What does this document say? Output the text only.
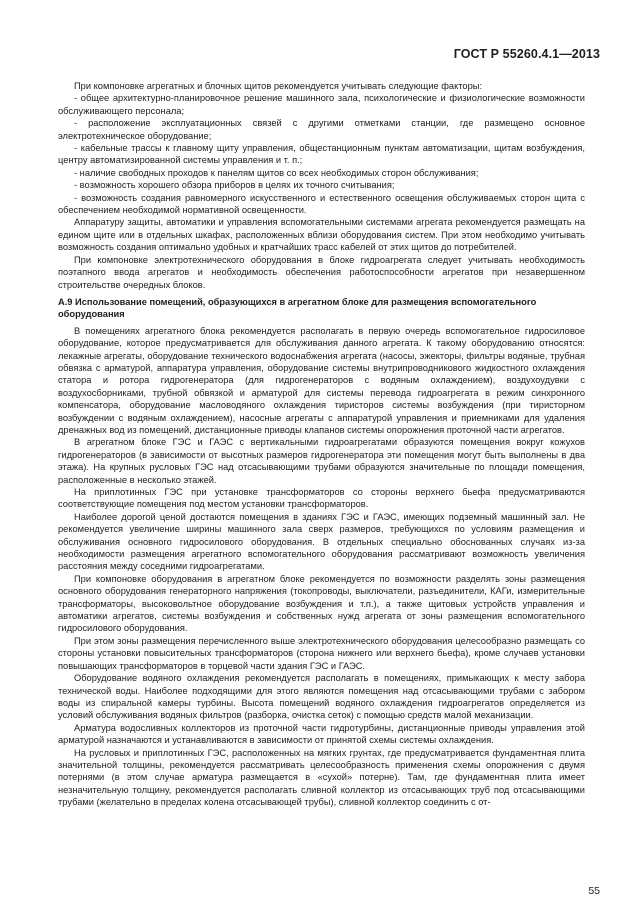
ГОСТ Р 55260.4.1—2013

При компоновке агрегатных и блочных щитов рекомендуется учитывать следующие факторы:

- общее архитектурно-планировочное решение машинного зала, психологические и физиологические возможности обслуживающего персонала;

- расположение эксплуатационных связей с другими отметками станции, где размещено основное электротехническое оборудование;

- кабельные трассы к главному щиту управления, общестанционным пунктам автоматизации, щитам возбуждения, центру автоматизированной системы управления и т. п.;

- наличие свободных проходов к панелям щитов со всех необходимых сторон обслуживания;

- возможность хорошего обзора приборов в целях их точного считывания;

- возможность создания равномерного искусственного и естественного освещения обслуживаемых сторон щита с обеспечением необходимой нормативной освещенности.

Аппаратуру защиты, автоматики и управления вспомогательными системами агрегата рекомендуется размещать на едином щите или в отдельных шкафах, расположенных вблизи оборудования систем. При этом необходимо учитывать возможность создания оптимально удобных и кратчайших трасс кабелей от этих щитов до потребителей.

При компоновке электротехнического оборудования в блоке гидроагрегата следует учитывать необходимость поэтапного ввода агрегатов и необходимость обеспечения работоспособности агрегатов при незавершенном строительстве очередных блоков.

А.9 Использование помещений, образующихся в агрегатном блоке для размещения вспомогательного оборудования

В помещениях агрегатного блока рекомендуется располагать в первую очередь вспомогательное гидросиловое оборудование, которое предусматривается для обслуживания данного агрегата. К такому оборудованию относятся: лекажные агрегаты, оборудование технического водоснабжения агрегата (насосы, эжекторы, фильтры водяные, трубная обвязка с арматурой, аппаратура управления, оборудование системы внутрипроводникового жидкостного охлаждения статора и ротора гидрогенератора (для гидрогенераторов с водяным охлаждением), воздухоудувки с воздухосборниками, трубной обвязкой и арматурой для системы перевода гидроагрегата в режим синхронного компенсатора, оборудование масловодяного охлаждения тиристоров системы возбуждения (при тиристорном возбуждении с водяным охлаждением), насосные агрегаты с аппаратурой управления и приемниками для удаления дренажных вод из помещений, дистанционные приводы клапанов системы опорожнения проточной части агрегатов.

В агрегатном блоке ГЭС и ГАЭС с вертикальными гидроагрегатами образуются помещения вокруг кожухов гидрогенераторов (в зависимости от высотных размеров гидрогенератора эти помещения могут быть выполнены в два этажа). На крупных русловых ГЭС над отсасывающими трубами образуются значительные по площади помещения, расположенные в несколько этажей.

На приплотинных ГЭС при установке трансформаторов со стороны верхнего бьефа предусматриваются соответствующие помещения под местом установки трансформаторов.

Наиболее дорогой ценой достаются помещения в зданиях ГЭС и ГАЭС, имеющих подземный машинный зал. Не рекомендуется увеличение ширины машинного зала сверх размеров, требующихся по условиям размещения и обслуживания основного гидросилового оборудования. В отдельных специально обоснованных случаях из-за необходимости размещения агрегатного вспомогательного оборудования рассматривают возможность увеличения расстояния между соседними гидроагрегатами.

При компоновке оборудования в агрегатном блоке рекомендуется по возможности разделять зоны размещения основного оборудования генераторного напряжения (токопроводы, выключатели, разъединители, КАГи, измерительные трансформаторы, высоковольтное оборудование возбуждения и т.п.), а также щитовых устройств управления и автоматики агрегатов, системы возбуждения и собственных нужд агрегата от зоны размещения вспомогательного гидросилового оборудования.

При этом зоны размещения перечисленного выше электротехнического оборудования целесообразно размещать со стороны установки повысительных трансформаторов (сторона нижнего или верхнего бьефа), кроме случаев установки повышающих трансформаторов в торцевой части здания ГЭС и ГАЭС.

Оборудование водяного охлаждения рекомендуется располагать в помещениях, примыкающих к месту забора технической воды. Наиболее подходящими для этого являются помещения над отсасывающими трубами с забором воды из спиральной камеры турбины. Высота помещений водяного охлаждения гидроагрегатов определяется из условий обслуживания водяных фильтров (разборка, очистка сеток) с помощью средств малой механизации.

Арматура водосливных коллекторов из проточной части гидротурбины, дистанционные приводы управления этой арматурой назначаются и устанавливаются в зависимости от принятой схемы системы охлаждения.

На русловых и приплотинных ГЭС, расположенных на мягких грунтах, где предусматривается фундаментная плита значительной толщины, рекомендуется рассматривать целесообразность применения схемы опорожнения с двумя потернями (в этом случае арматура размещается в «сухой» потерне). Там, где фундаментная плита имеет незначительную толщину, рекомендуется располагать сливной коллектор из отсасывающих труб под отсасывающими трубами (желательно в пределах колена отсасывающей трубы), сливной коллектор соединить с от-

55
